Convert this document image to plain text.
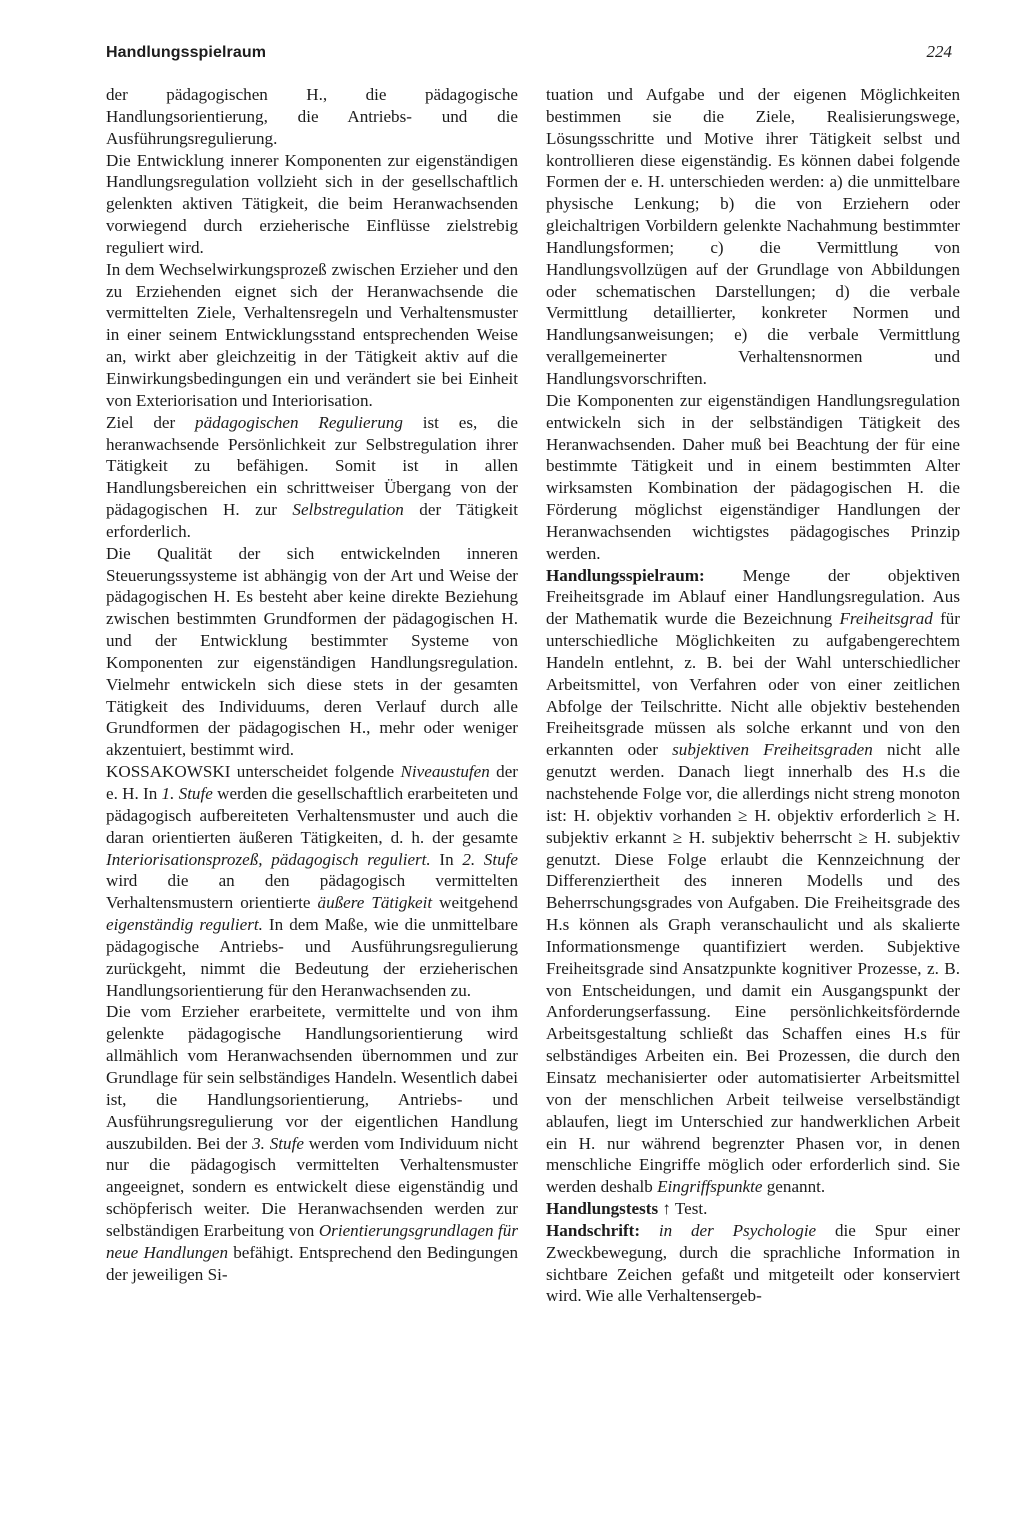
Handlungsspielraum	224

der pädagogischen H., die pädagogische Handlungsorientierung, die Antriebs- und die Ausführungsregulierung.

Die Entwicklung innerer Komponenten zur eigenständigen Handlungsregulation vollzieht sich in der gesellschaftlich gelenkten aktiven Tätigkeit, die beim Heranwachsenden vorwiegend durch erzieherische Einflüsse zielstrebig reguliert wird.

In dem Wechselwirkungsprozeß zwischen Erzieher und den zu Erziehenden eignet sich der Heranwachsende die vermittelten Ziele, Verhaltensregeln und Verhaltensmuster in einer seinem Entwicklungsstand entsprechenden Weise an, wirkt aber gleichzeitig in der Tätigkeit aktiv auf die Einwirkungsbedingungen ein und verändert sie bei Einheit von Exteriorisation und Interiorisation.

Ziel der pädagogischen Regulierung ist es, die heranwachsende Persönlichkeit zur Selbstregulation ihrer Tätigkeit zu befähigen. Somit ist in allen Handlungsbereichen ein schrittweiser Übergang von der pädagogischen H. zur Selbstregulation der Tätigkeit erforderlich.

Die Qualität der sich entwickelnden inneren Steuerungssysteme ist abhängig von der Art und Weise der pädagogischen H. Es besteht aber keine direkte Beziehung zwischen bestimmten Grundformen der pädagogischen H. und der Entwicklung bestimmter Systeme von Komponenten zur eigenständigen Handlungsregulation. Vielmehr entwickeln sich diese stets in der gesamten Tätigkeit des Individuums, deren Verlauf durch alle Grundformen der pädagogischen H., mehr oder weniger akzentuiert, bestimmt wird.

KOSSAKOWSKI unterscheidet folgende Niveaustufen der e. H. In 1. Stufe werden die gesellschaftlich erarbeiteten und pädagogisch aufbereiteten Verhaltensmuster und auch die daran orientierten äußeren Tätigkeiten, d. h. der gesamte Interiorisationsprozeß, pädagogisch reguliert. In 2. Stufe wird die an den pädagogisch vermittelten Verhaltensmustern orientierte äußere Tätigkeit weitgehend eigenständig reguliert. In dem Maße, wie die unmittelbare pädagogische Antriebs- und Ausführungsregulierung zurückgeht, nimmt die Bedeutung der erzieherischen Handlungsorientierung für den Heranwachsenden zu.

Die vom Erzieher erarbeitete, vermittelte und von ihm gelenkte pädagogische Handlungsorientierung wird allmählich vom Heranwachsenden übernommen und zur Grundlage für sein selbständiges Handeln. Wesentlich dabei ist, die Handlungsorientierung, Antriebs- und Ausführungsregulierung vor der eigentlichen Handlung auszubilden. Bei der 3. Stufe werden vom Individuum nicht nur die pädagogisch vermittelten Verhaltensmuster angeeignet, sondern es entwickelt diese eigenständig und schöpferisch weiter. Die Heranwachsenden werden zur selbständigen Erarbeitung von Orientierungsgrundlagen für neue Handlungen befähigt. Entsprechend den Bedingungen der jeweiligen Si-

tuation und Aufgabe und der eigenen Möglichkeiten bestimmen sie die Ziele, Realisierungswege, Lösungsschritte und Motive ihrer Tätigkeit selbst und kontrollieren diese eigenständig. Es können dabei folgende Formen der e. H. unterschieden werden: a) die unmittelbare physische Lenkung; b) die von Erziehern oder gleichaltrigen Vorbildern gelenkte Nachahmung bestimmter Handlungsformen; c) die Vermittlung von Handlungsvollzügen auf der Grundlage von Abbildungen oder schematischen Darstellungen; d) die verbale Vermittlung detaillierter, konkreter Normen und Handlungsanweisungen; e) die verbale Vermittlung verallgemeinerter Verhaltensnormen und Handlungsvorschriften.

Die Komponenten zur eigenständigen Handlungsregulation entwickeln sich in der selbständigen Tätigkeit des Heranwachsenden. Daher muß bei Beachtung der für eine bestimmte Tätigkeit und in einem bestimmten Alter wirksamsten Kombination der pädagogischen H. die Förderung möglichst eigenständiger Handlungen der Heranwachsenden wichtigstes pädagogisches Prinzip werden.

Handlungsspielraum: Menge der objektiven Freiheitsgrade im Ablauf einer Handlungsregulation. Aus der Mathematik wurde die Bezeichnung Freiheitsgrad für unterschiedliche Möglichkeiten zu aufgabengerechtem Handeln entlehnt, z. B. bei der Wahl unterschiedlicher Arbeitsmittel, von Verfahren oder von einer zeitlichen Abfolge der Teilschritte. Nicht alle objektiv bestehenden Freiheitsgrade müssen als solche erkannt und von den erkannten oder subjektiven Freiheitsgraden nicht alle genutzt werden. Danach liegt innerhalb des H.s die nachstehende Folge vor, die allerdings nicht streng monoton ist: H. objektiv vorhanden ≥ H. objektiv erforderlich ≥ H. subjektiv erkannt ≥ H. subjektiv beherrscht ≥ H. subjektiv genutzt. Diese Folge erlaubt die Kennzeichnung der Differenziertheit des inneren Modells und des Beherrschungsgrades von Aufgaben. Die Freiheitsgrade des H.s können als Graph veranschaulicht und als skalierte Informationsmenge quantifiziert werden. Subjektive Freiheitsgrade sind Ansatzpunkte kognitiver Prozesse, z. B. von Entscheidungen, und damit ein Ausgangspunkt der Anforderungserfassung. Eine persönlichkeitsfördernde Arbeitsgestaltung schließt das Schaffen eines H.s für selbständiges Arbeiten ein. Bei Prozessen, die durch den Einsatz mechanisierter oder automatisierter Arbeitsmittel von der menschlichen Arbeit teilweise verselbständigt ablaufen, liegt im Unterschied zur handwerklichen Arbeit ein H. nur während begrenzter Phasen vor, in denen menschliche Eingriffe möglich oder erforderlich sind. Sie werden deshalb Eingriffspunkte genannt.

Handlungstests ↑ Test.

Handschrift: in der Psychologie die Spur einer Zweckbewegung, durch die sprachliche Information in sichtbare Zeichen gefaßt und mitgeteilt oder konserviert wird. Wie alle Verhaltensergeb-
